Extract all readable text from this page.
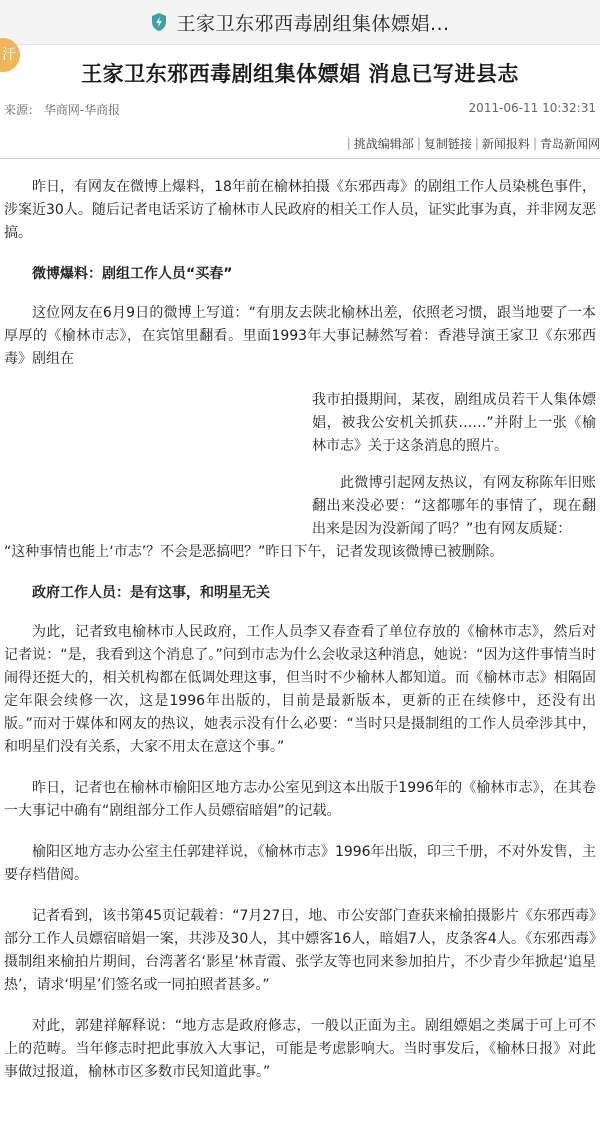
王家卫东邪西毒剧组集体嫖娼...
汗
王家卫东邪西毒剧组集体嫖娼 消息已写进县志
来源： 华商网-华商报	2011-06-11 10:32:31
| 挑战编辑部 | 复制链接 | 新闻报料 | 青岛新闻网

昨日，有网友在微博上爆料，18年前在榆林拍摄《东邪西毒》的剧组工作人员染桃色事件，涉案近30人。随后记者电话采访了榆林市人民政府的相关工作人员，证实此事为真，并非网友恶搞。

微博爆料：剧组工作人员“买春”

这位网友在6月9日的微博上写道：“有朋友去陕北榆林出差，依照老习惯，跟当地要了一本厚厚的《榆林市志》，在宾馆里翻看。里面1993年大事记赫然写着：香港导演王家卫《东邪西毒》剧组在

我市拍摄期间，某夜，剧组成员若干人集体嫖娼，被我公安机关抓获……”并附上一张《榆林市志》关于这条消息的照片。

此微博引起网友热议，有网友称陈年旧账翻出来没必要：“这都哪年的事情了，现在翻出来是因为没新闻了吗？”也有网友质疑：

“这种事情也能上‘市志’？不会是恶搞吧？”昨日下午，记者发现该微博已被删除。

政府工作人员：是有这事，和明星无关

为此，记者致电榆林市人民政府，工作人员李又春查看了单位存放的《榆林市志》，然后对记者说：“是，我看到这个消息了。”问到市志为什么会收录这种消息，她说：“因为这件事情当时闹得还挺大的，相关机构都在低调处理这事，但当时不少榆林人都知道。而《榆林市志》相隔固定年限会续修一次，这是1996年出版的，目前是最新版本，更新的正在续修中，还没有出版。”而对于媒体和网友的热议，她表示没有什么必要：“当时只是摄制组的工作人员牵涉其中，和明星们没有关系，大家不用太在意这个事。”

昨日，记者也在榆林市榆阳区地方志办公室见到这本出版于1996年的《榆林市志》，在其卷一大事记中确有“剧组部分工作人员嫖宿暗娼”的记载。

榆阳区地方志办公室主任郭建祥说，《榆林市志》1996年出版，印三千册，不对外发售，主要存档借阅。

记者看到，该书第45页记载着：“7月27日，地、市公安部门查获来榆拍摄影片《东邪西毒》部分工作人员嫖宿暗娼一案，共涉及30人，其中嫖客16人，暗娼7人，皮条客4人。《东邪西毒》摄制组来榆拍片期间，台湾著名‘影星’林青霞、张学友等也同来参加拍片，不少青少年掀起‘追星热’，请求‘明星’们签名或一同拍照者甚多。”

对此，郭建祥解释说：“地方志是政府修志，一般以正面为主。剧组嫖娼之类属于可上可不上的范畴。当年修志时把此事放入大事记，可能是考虑影响大。当时事发后，《榆林日报》对此事做过报道，榆林市区多数市民知道此事。”
